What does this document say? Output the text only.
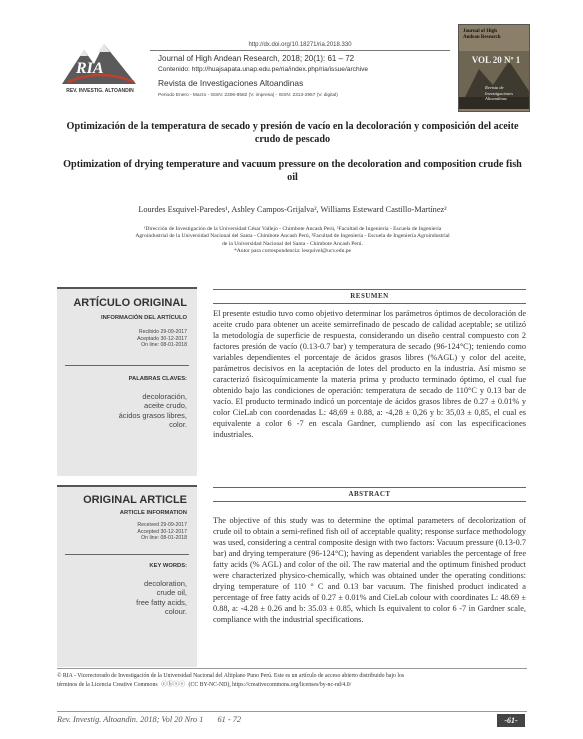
http://dx.doi.org/10.18271/ria.2018.330
RIA
REV. INVESTIG. ALTOANDIN
Journal of High Andean Research, 2018; 20(1): 61 – 72
Contenido: http://huajsapata.unap.edu.pe/ria/index.php/ria/issue/archive
Revista de Investigaciones Altoandinas
Periodo Enero - Marzo - ISSN: 2306-8582 (V. impresa) - ISSN: 2313-2957 (V. digital)
Journal of High Andean Research
VOL 20 Nº 1
Revista de Investigaciones Altoandinas
Optimización de la temperatura de secado y presión de vacío en la decoloración y composición del aceite crudo de pescado
Optimization of drying temperature and vacuum pressure on the decoloration and composition crude fish oil
Lourdes Esquivel-Paredes¹, Ashley Campos-Grijalva², Williams Esteward Castillo-Martínez²
¹Dirección de Investigación de la Universidad César Vallejo - Chimbote Ancash Perú, ²Facultad de Ingeniería - Escuela de Ingeniería
Agroindustrial de la Universidad Nacional del Santa - Chimbote Ancash Perú, ³Facultad de Ingeniería - Escuela de Ingeniería Agroindustrial
de la Universidad Nacional del Santa - Chimbote Ancash Perú.
*Autor para correspondencia: lesquivel@ucv.edu.pe
ARTÍCULO ORIGINAL
INFORMACIÓN DEL ARTÍCULO
Recibido 29-09-2017
Aceptado 30-12-2017
On line: 08-01-2018
PALABRAS CLAVES:
decoloración,
aceite crudo,
ácidos grasos libres,
color.
RESUMEN
El presente estudio tuvo como objetivo determinar los parámetros óptimos de decoloración de aceite crudo para obtener un aceite semirrefinado de pescado de calidad aceptable; se utilizó la metodología de superficie de respuesta, considerando un diseño central compuesto con 2 factores presión de vacío (0.13-0.7 bar) y temperatura de secado (96-124°C); teniendo como variables dependientes el porcentaje de ácidos grasos libres (%AGL) y color del aceite, parámetros decisivos en la aceptación de lotes del producto en la industria. Así mismo se caracterizó fisicoquímicamente la materia prima y producto terminado óptimo, el cual fue obtenido bajo las condiciones de operación: temperatura de secado de 110°C y 0.13 bar de vacío. El producto terminado indicó un porcentaje de ácidos grasos libres de 0.27 ± 0.01% y color CieLab con coordenadas L: 48,69 ± 0.88, a: -4,28 ± 0,26 y b: 35,03 ± 0,85, el cual es equivalente a color 6 -7 en escala Gardner, cumpliendo así con las especificaciones industriales.
ORIGINAL ARTICLE
ARTICLE INFORMATION
Received 29-09-2017
Accepted 30-12-2017
On line: 08-01-2018
KEY WORDS:
decoloration,
crude oil,
free fatty acids,
colour.
ABSTRACT
The objective of this study was to determine the optimal parameters of decolorization of crude oil to obtain a semi-refined fish oil of acceptable quality; response surface methodology was used, considering a central composite design with two factors: Vacuum pressure (0.13-0.7 bar) and drying temperature (96-124°C); having as dependent variables the percentage of free fatty acids (% AGL) and color of the oil. The raw material and the optimum finished product were characterized physico-chemically, which was obtained under the operating conditions: drying temperature of 110 ° C and 0.13 bar vacuum. The finished product indicated a percentage of free fatty acids of 0.27 ± 0.01% and CieLab colour with coordinates L: 48.69 ± 0.88, a: -4.28 ± 0.26 and b: 35.03 ± 0.85, which Is equivalent to color 6 -7 in Gardner scale, compliance with the industrial specifications.
© RIA - Vicerectorado de Investigación de la Universidad Nacional del Altiplano Puno Perú. Este es un artículo de acceso abierto distribuido bajo los
términos de la Licencia Creative Commons ⓒⓑⓢⓔ (CC BY-NC-ND), https://creativecommons.org/licenses/by-nc-nd/4.0/
Rev. Investig. Altoandin. 2018; Vol 20 Nro 1 61 - 72	-61-
